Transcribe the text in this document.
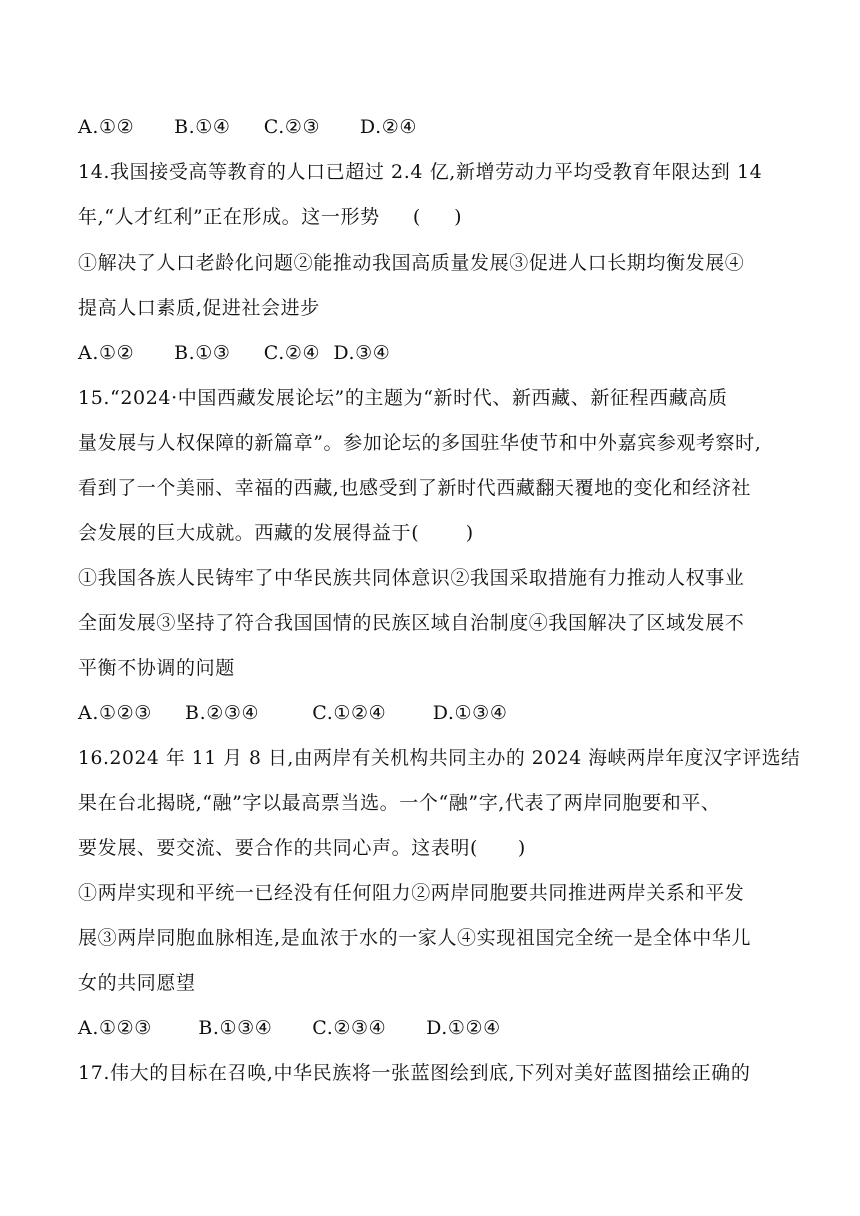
A.①②      B.①④     C.②③      D.②④
14.我国接受高等教育的人口已超过 2.4 亿,新增劳动力平均受教育年限达到 14
年,“人才红利”正在形成。这一形势     (     )
①解决了人口老龄化问题②能推动我国高质量发展③促进人口长期均衡发展④
提高人口素质,促进社会进步
A.①②      B.①③     C.②④  D.③④
15.“2024·中国西藏发展论坛”的主题为“新时代、新西藏、新征程西藏高质
量发展与人权保障的新篇章”。参加论坛的多国驻华使节和中外嘉宾参观考察时,
看到了一个美丽、幸福的西藏,也感受到了新时代西藏翻天覆地的变化和经济社
会发展的巨大成就。西藏的发展得益于(       )
①我国各族人民铸牢了中华民族共同体意识②我国采取措施有力推动人权事业
全面发展③坚持了符合我国国情的民族区域自治制度④我国解决了区域发展不
平衡不协调的问题
A.①②③     B.②③④        C.①②④       D.①③④
16.2024 年 11 月 8 日,由两岸有关机构共同主办的 2024 海峡两岸年度汉字评选结
果在台北揭晓,“融”字以最高票当选。一个“融”字,代表了两岸同胞要和平、
要发展、要交流、要合作的共同心声。这表明(      )
①两岸实现和平统一已经没有任何阻力②两岸同胞要共同推进两岸关系和平发
展③两岸同胞血脉相连,是血浓于水的一家人④实现祖国完全统一是全体中华儿
女的共同愿望
A.①②③       B.①③④      C.②③④      D.①②④
17.伟大的目标在召唤,中华民族将一张蓝图绘到底,下列对美好蓝图描绘正确的
